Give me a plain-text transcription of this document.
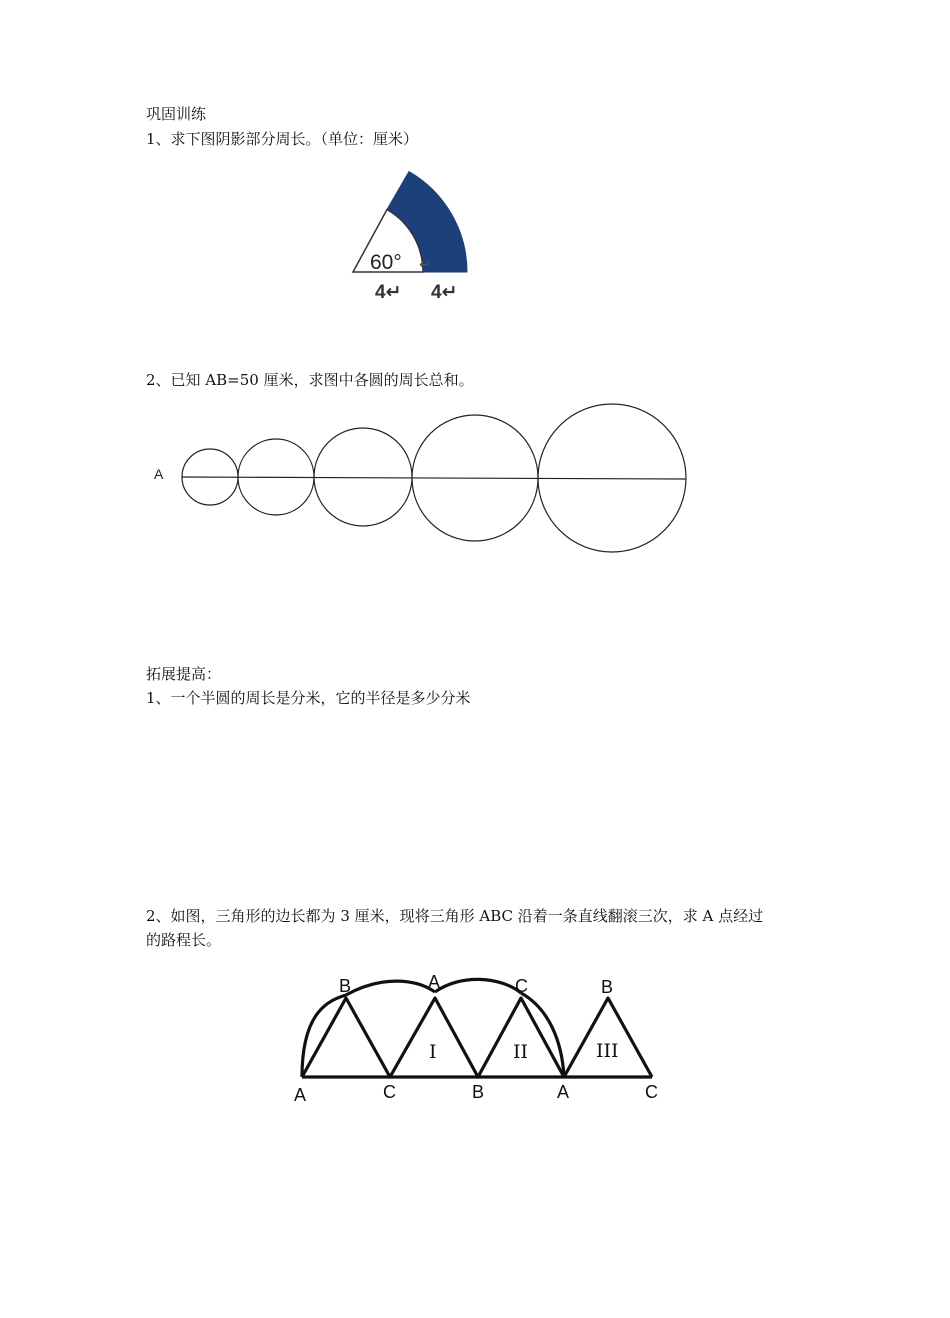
巩固训练
1、求下图阴影部分周长。（单位：厘米）
60° ↵
4↵ 4↵
2、已知 AB=50 厘米，求图中各圆的周长总和。
A
拓展提高：
1、一个半圆的周长是分米，它的半径是多少分米
2、如图，三角形的边长都为 3 厘米，现将三角形 ABC 沿着一条直线翻滚三次，求 A 点经过
的路程长。
A	C	B	A	C
B	A	C	B
I	II	III
